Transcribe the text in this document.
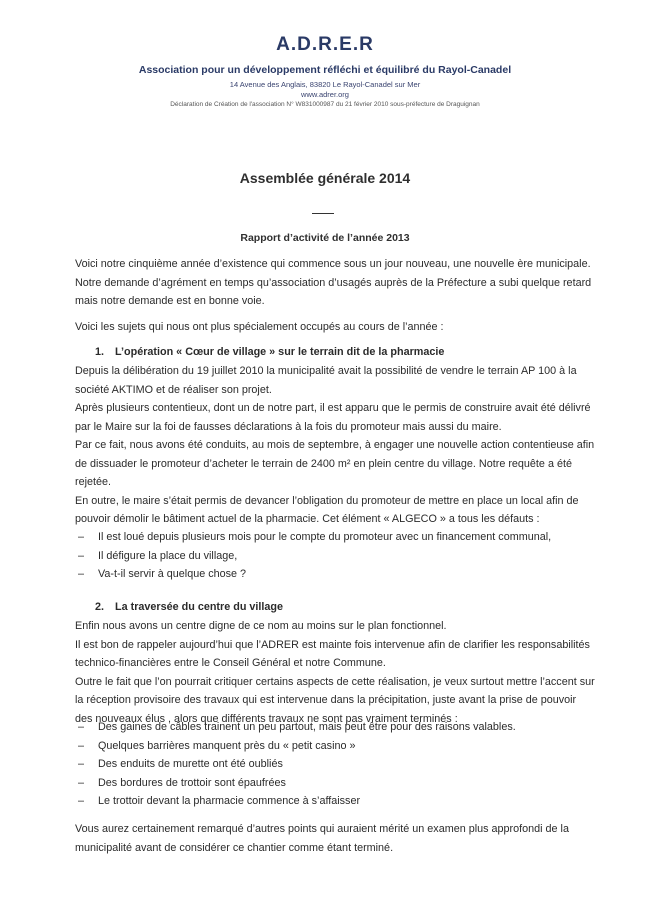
A.D.R.E.R
Association pour un développement réfléchi et équilibré du Rayol-Canadel
14 Avenue des Anglais, 83820 Le Rayol-Canadel sur Mer
www.adrer.org
Déclaration de Création de l'association N° W831000987 du 21 février 2010 sous-préfecture de Draguignan
Assemblée générale 2014
Rapport d’activité de l’année 2013
Voici notre cinquième année d’existence qui commence sous un jour nouveau, une nouvelle ère municipale. Notre demande d’agrément en temps qu’association d’usagés auprès de la Préfecture a subi quelque retard mais notre demande est en bonne voie.
Voici les sujets qui nous ont plus spécialement occupés au cours de l’année :
1. L’opération « Cœur de village » sur le terrain dit de la pharmacie
Depuis la délibération du 19 juillet 2010 la municipalité avait la possibilité de vendre le terrain AP 100 à la société AKTIMO et de réaliser son projet.
Après plusieurs contentieux, dont un de notre part, il est apparu que le permis de construire avait été délivré par le Maire sur la foi de fausses déclarations à la fois du promoteur mais aussi du maire.
Par ce fait, nous avons été conduits, au mois de septembre, à engager une nouvelle action contentieuse afin de dissuader le promoteur d’acheter le terrain de 2400 m² en plein centre du village. Notre requête a été rejetée.
En outre, le maire s’était permis de devancer l’obligation du promoteur de mettre en place un local afin de pouvoir démolir le bâtiment actuel de la pharmacie. Cet élément « ALGECO » a tous les défauts :
– Il est loué depuis plusieurs mois pour le compte du promoteur avec un financement communal,
– Il défigure la place du village,
– Va-t-il servir à quelque chose ?
2. La traversée du centre du village
Enfin nous avons un centre digne de ce nom au moins sur le plan fonctionnel.
Il est bon de rappeler aujourd’hui que l’ADRER est mainte fois intervenue afin de clarifier les responsabilités technico-financières entre le Conseil Général et notre Commune.
Outre le fait que l’on pourrait critiquer certains aspects de cette réalisation, je veux surtout mettre l’accent sur la réception provisoire des travaux qui est intervenue dans la précipitation, juste avant la prise de pouvoir des nouveaux élus , alors que différents travaux ne sont pas vraiment terminés :
– Des gaines de câbles trainent un peu partout, mais peut être pour des raisons valables.
– Quelques barrières manquent près du « petit casino »
– Des enduits de murette ont été oubliés
– Des bordures de trottoir sont épaufrées
– Le trottoir devant la pharmacie commence à s’affaisser
Vous aurez certainement remarqué d’autres points qui auraient mérité un examen plus approfondi de la municipalité avant de considérer ce chantier comme étant terminé.
